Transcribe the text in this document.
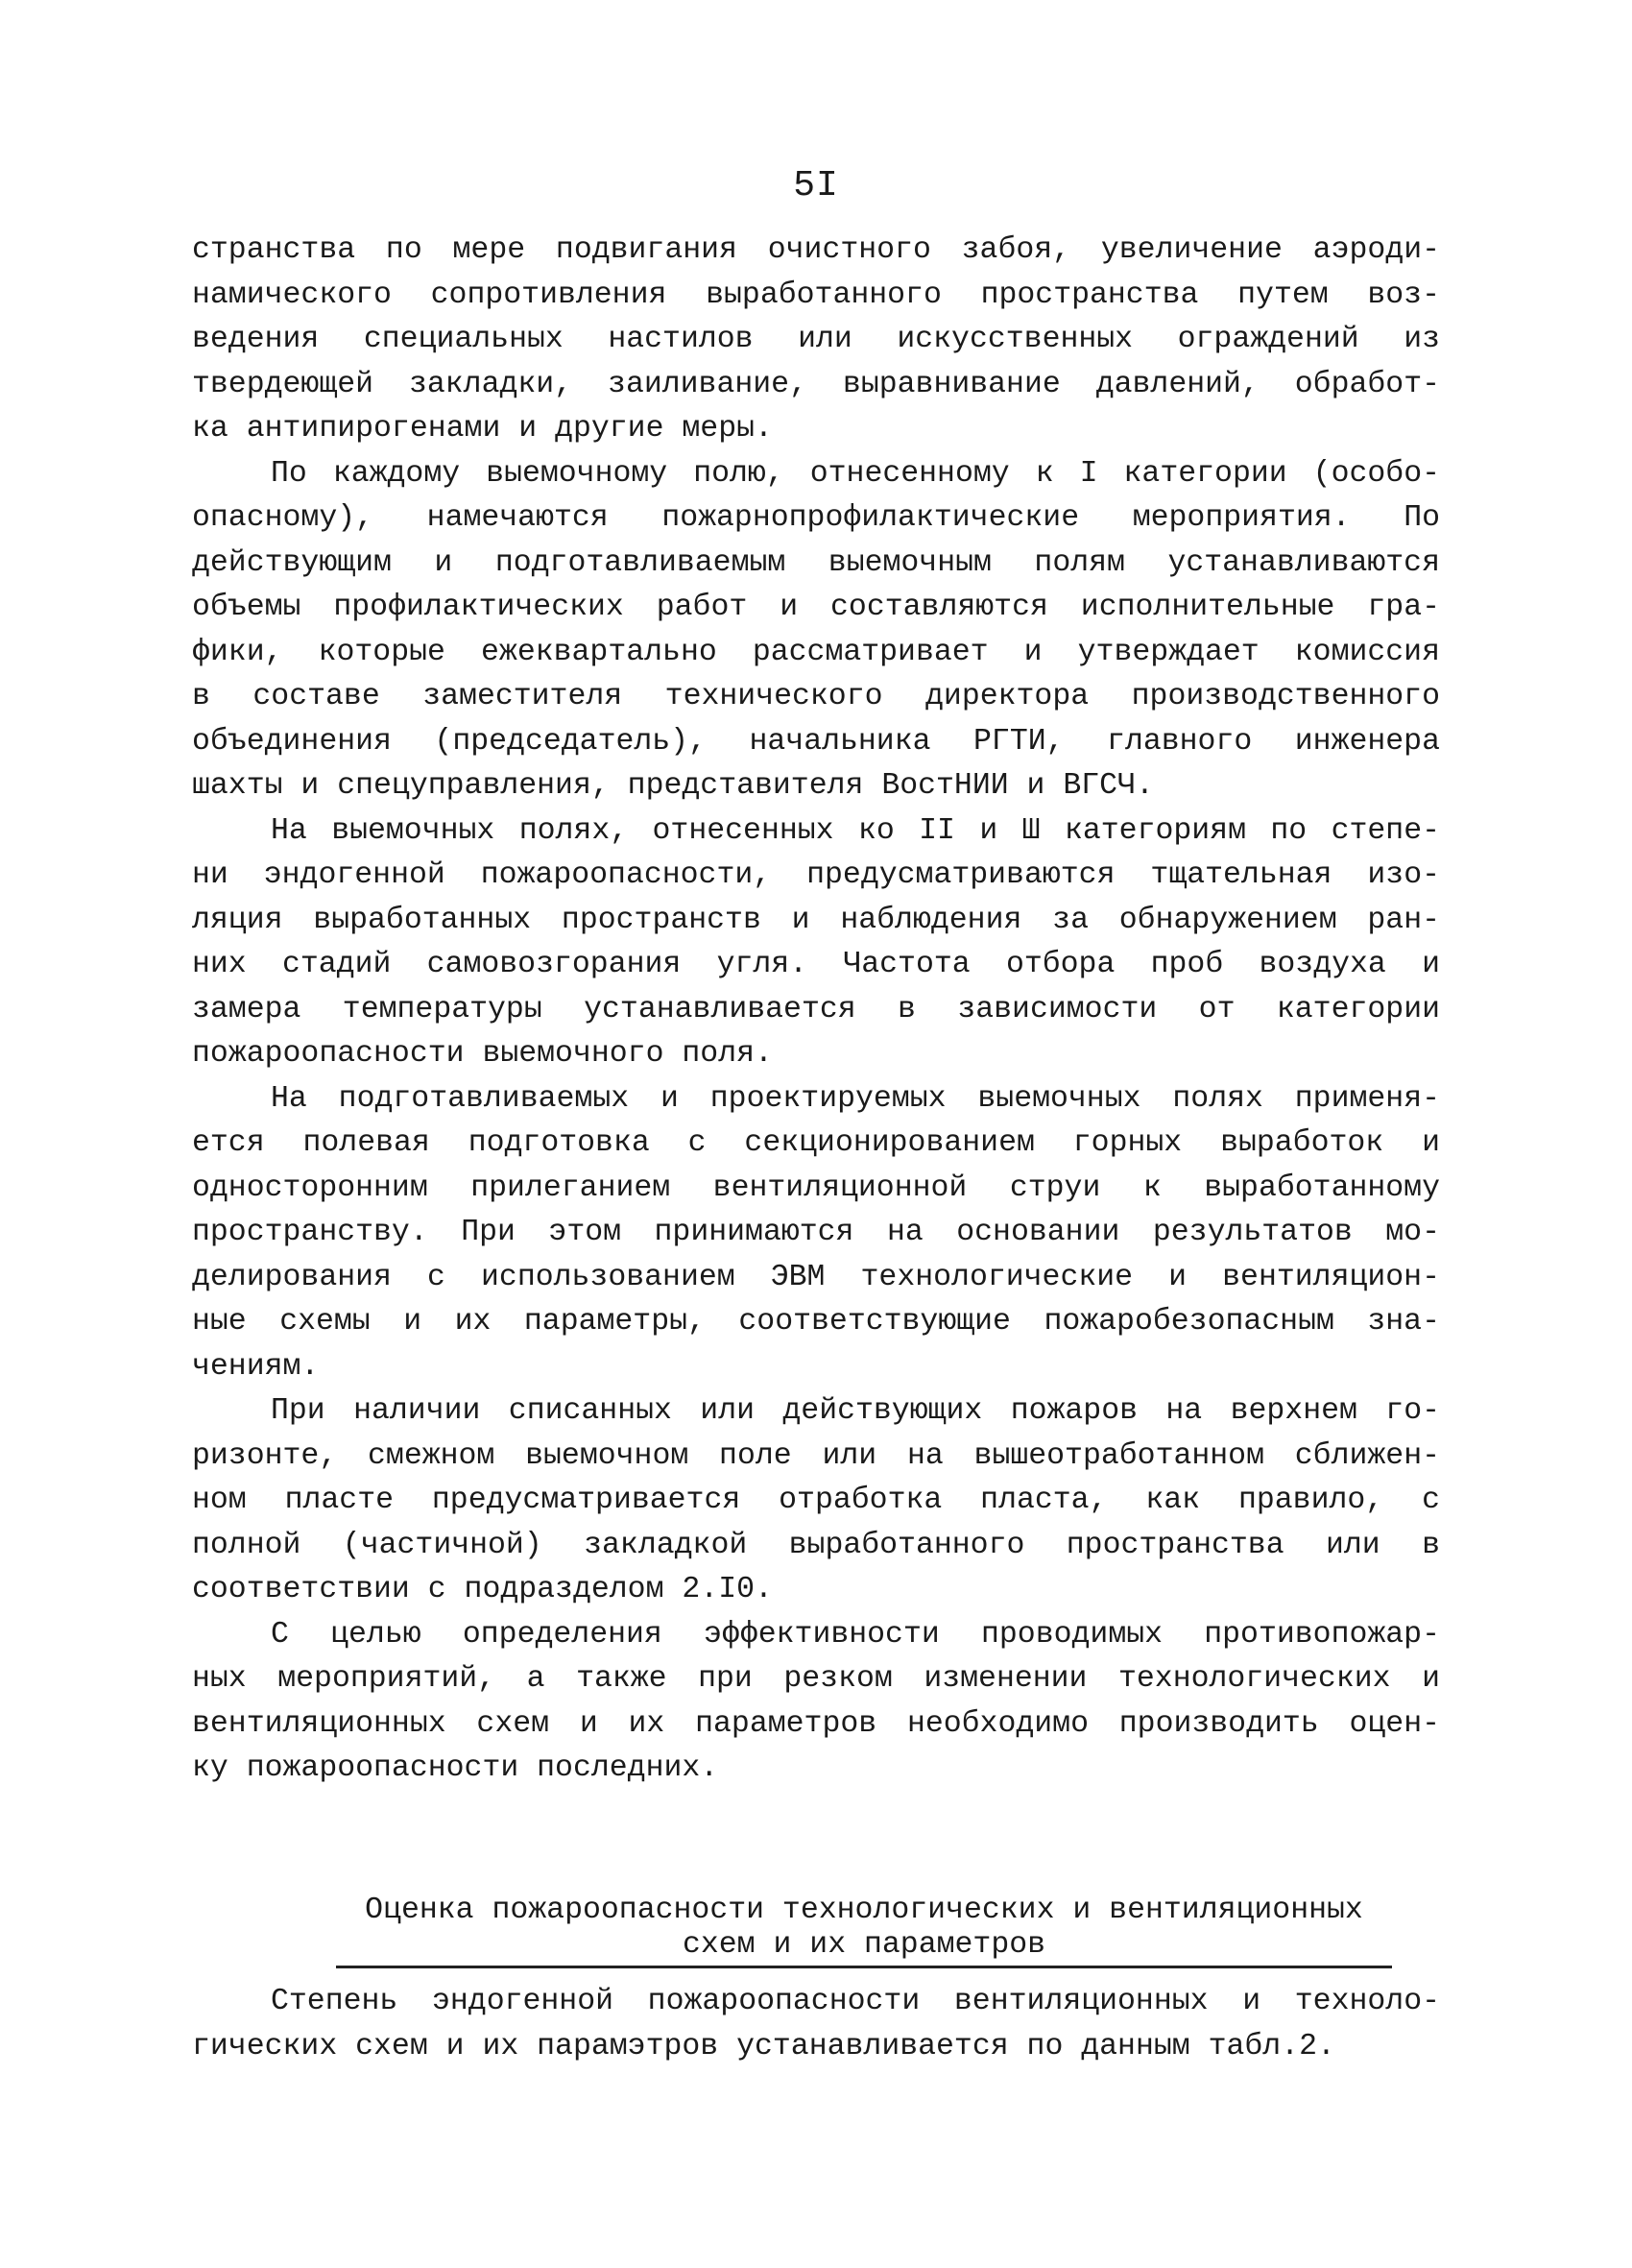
5I

странства по мере подвигания очистного забоя, увеличение аэроди-
намического сопротивления выработанного пространства путем воз-
ведения специальных настилов или искусственных ограждений из
твердеющей закладки, заиливание, выравнивание давлений, обработ-
ка антипирогенами и другие меры.

По каждому выемочному полю, отнесенному к I категории (особо-
опасному), намечаются пожарнопрофилактические мероприятия. По
действующим и подготавливаемым выемочным полям устанавливаются
объемы профилактических работ и составляются исполнительные гра-
фики, которые ежеквартально рассматривает и утверждает комиссия
в составе заместителя технического директора производственного
объединения (председатель), начальника РГТИ, главного инженера
шахты и спецуправления, представителя ВостНИИ и ВГСЧ.

На выемочных полях, отнесенных ко II и Ш категориям по степе-
ни эндогенной пожароопасности, предусматриваются тщательная изо-
ляция выработанных пространств и наблюдения за обнаружением ран-
них стадий самовозгорания угля. Частота отбора проб воздуха и
замера температуры устанавливается в зависимости от категории
пожароопасности выемочного поля.

На подготавливаемых и проектируемых выемочных полях применя-
ется полевая подготовка с секционированием горных выработок и
односторонним прилеганием вентиляционной струи к выработанному
пространству. При этом принимаются на основании результатов мо-
делирования с использованием ЭВМ технологические и вентиляцион-
ные схемы и их параметры, соответствующие пожаробезопасным зна-
чениям.

При наличии списанных или действующих пожаров на верхнем го-
ризонте, смежном выемочном поле или на вышеотработанном сближен-
ном пласте предусматривается отработка пласта, как правило, с
полной (частичной) закладкой выработанного пространства или в
соответствии с подразделом 2.I0.

С целью определения эффективности проводимых противопожар-
ных мероприятий, а также при резком изменении технологических и
вентиляционных схем и их параметров необходимо производить оцен-
ку пожароопасности последних.

Оценка пожароопасности технологических и вентиляционных
схем и их параметров

Степень эндогенной пожароопасности вентиляционных и техноло-
гических схем и их парамэтров устанавливается по данным табл.2.
